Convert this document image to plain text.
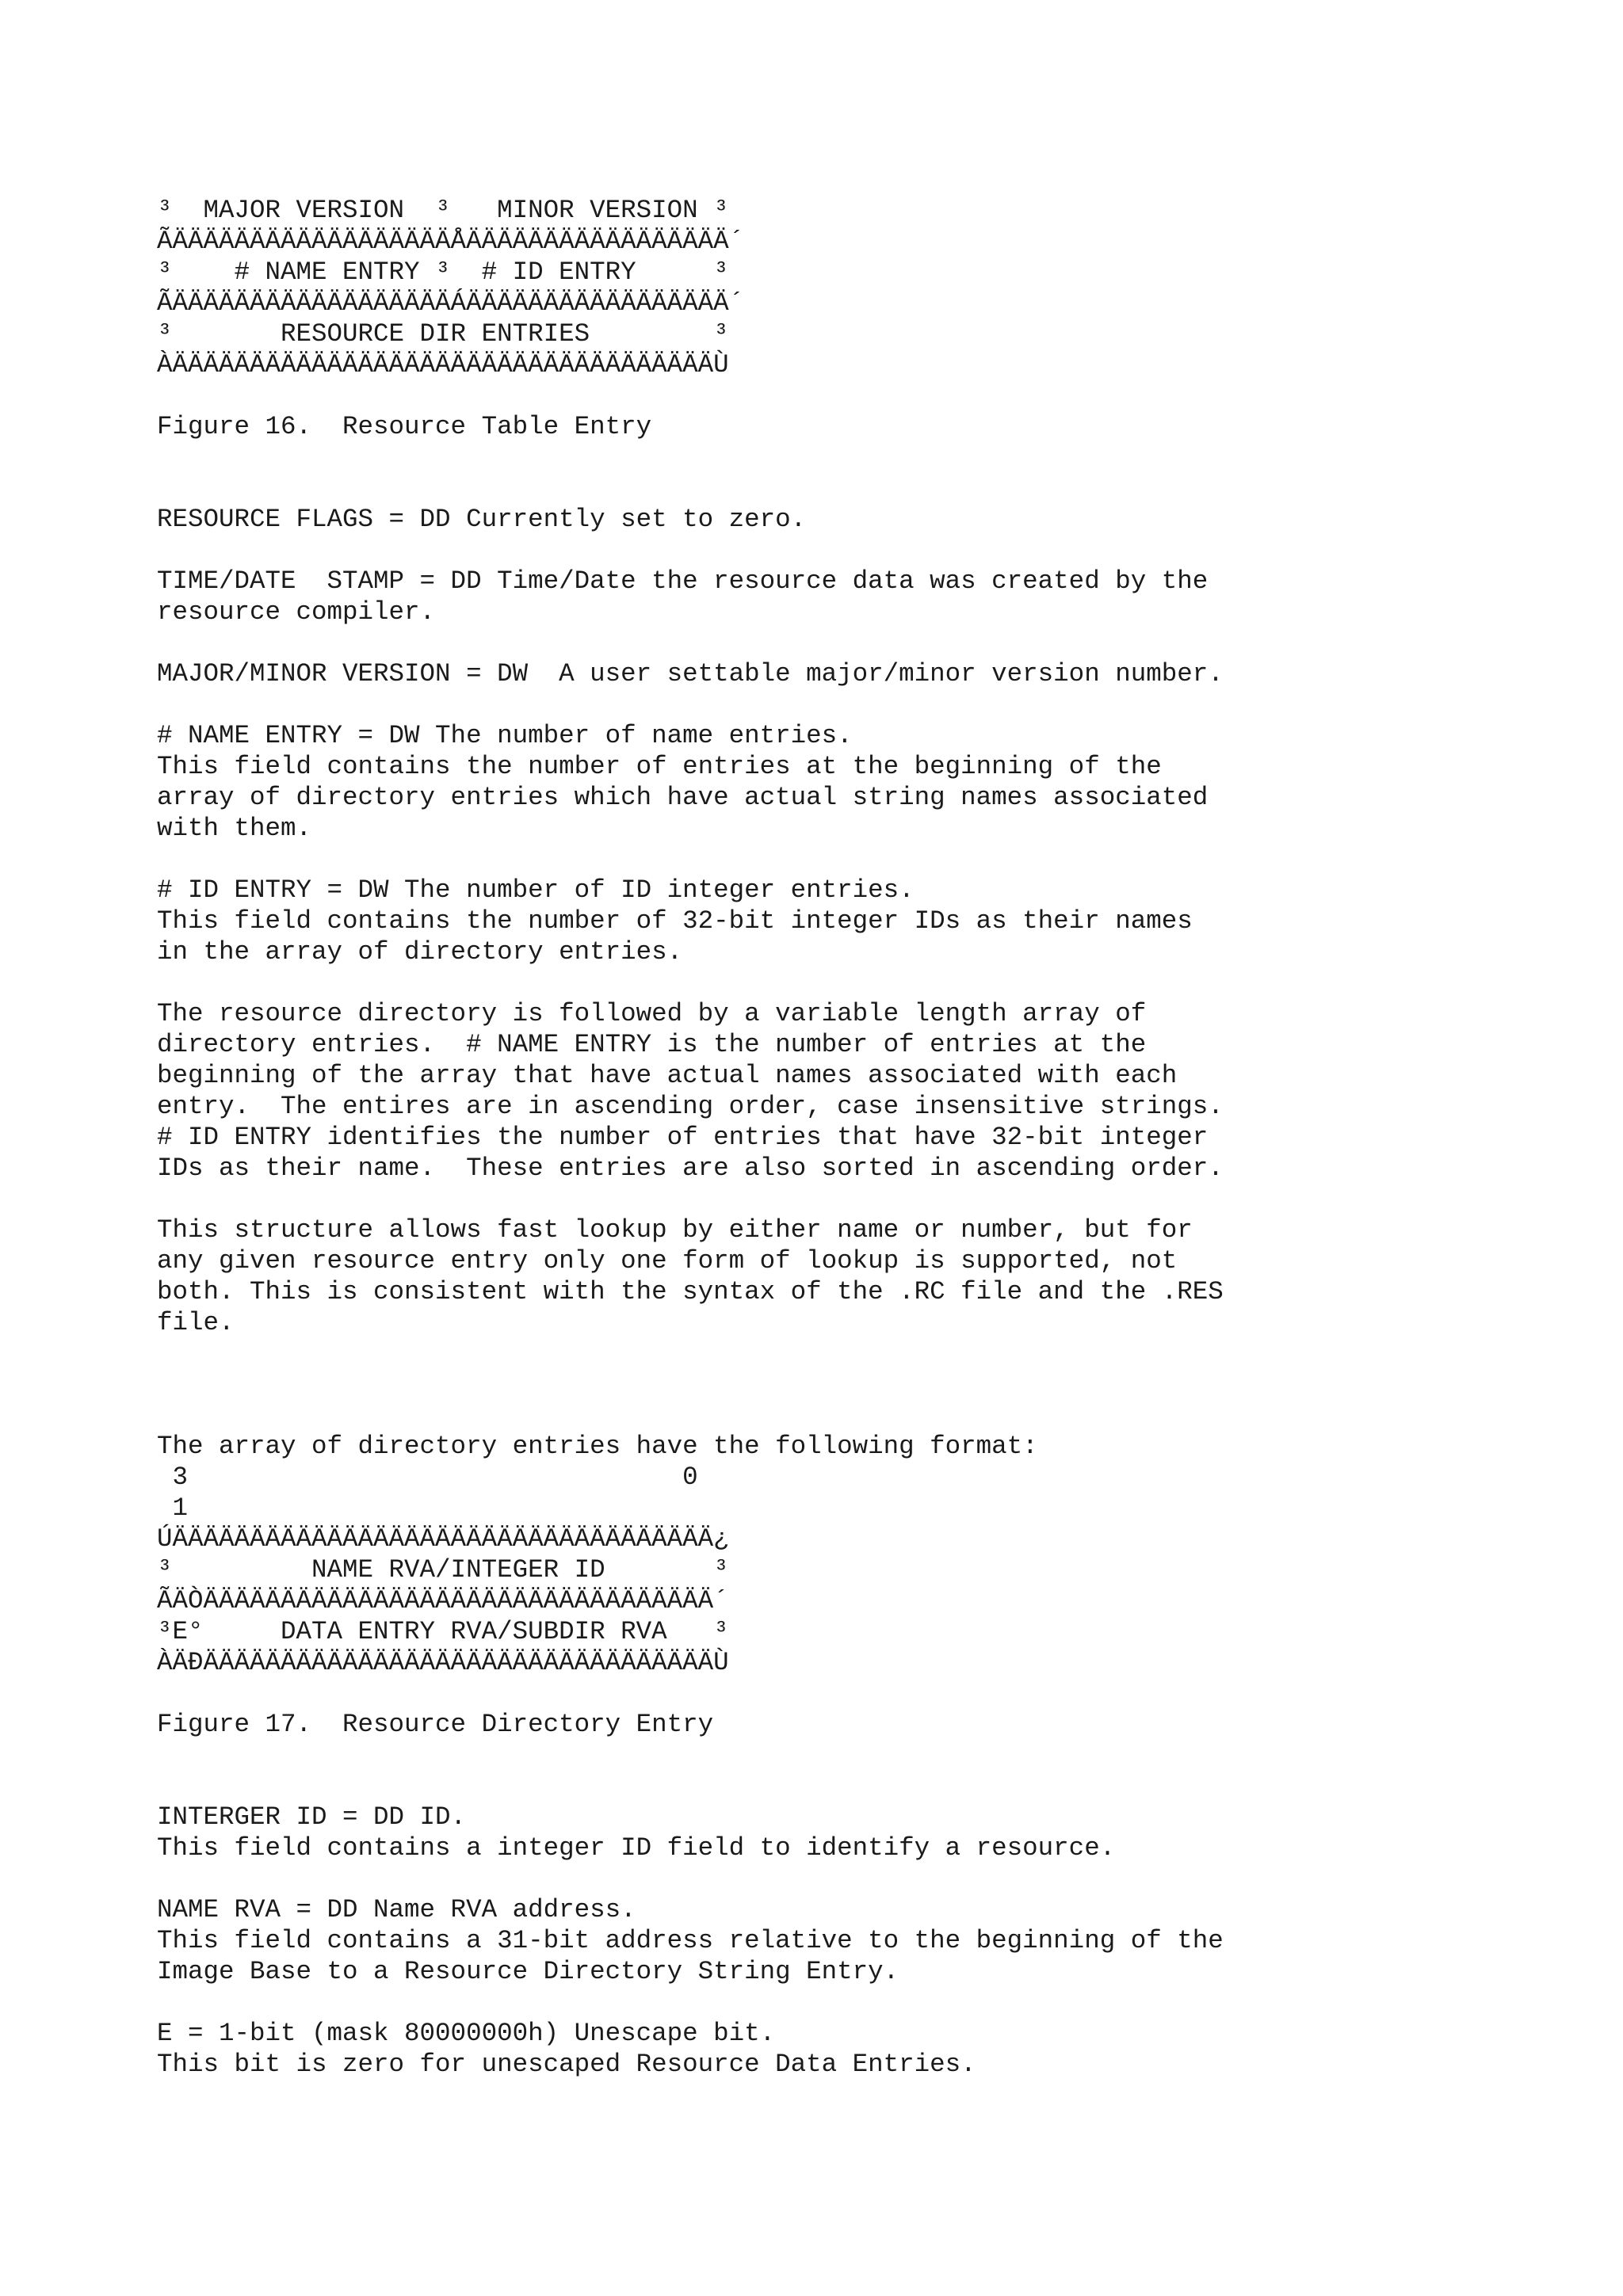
³  MAJOR VERSION  ³   MINOR VERSION ³
ÃÄÄÄÄÄÄÄÄÄÄÄÄÄÄÄÄÄÄÅÄÄÄÄÄÄÄÄÄÄÄÄÄÄÄÄÄ´
³    # NAME ENTRY ³  # ID ENTRY     ³
ÃÄÄÄÄÄÄÄÄÄÄÄÄÄÄÄÄÄÄÁÄÄÄÄÄÄÄÄÄÄÄÄÄÄÄÄÄ´
³       RESOURCE DIR ENTRIES        ³
ÀÄÄÄÄÄÄÄÄÄÄÄÄÄÄÄÄÄÄÄÄÄÄÄÄÄÄÄÄÄÄÄÄÄÄÄÙ
Figure 16.  Resource Table Entry
RESOURCE FLAGS = DD Currently set to zero.
TIME/DATE  STAMP = DD Time/Date the resource data was created by the
resource compiler.
MAJOR/MINOR VERSION = DW  A user settable major/minor version number.
# NAME ENTRY = DW The number of name entries.
This field contains the number of entries at the beginning of the
array of directory entries which have actual string names associated
with them.
# ID ENTRY = DW The number of ID integer entries.
This field contains the number of 32-bit integer IDs as their names
in the array of directory entries.
The resource directory is followed by a variable length array of
directory entries.  # NAME ENTRY is the number of entries at the
beginning of the array that have actual names associated with each
entry.  The entires are in ascending order, case insensitive strings.
# ID ENTRY identifies the number of entries that have 32-bit integer
IDs as their name.  These entries are also sorted in ascending order.
This structure allows fast lookup by either name or number, but for
any given resource entry only one form of lookup is supported, not
both. This is consistent with the syntax of the .RC file and the .RES
file.
The array of directory entries have the following format:
3                                0
1
ÚÄÄÄÄÄÄÄÄÄÄÄÄÄÄÄÄÄÄÄÄÄÄÄÄÄÄÄÄÄÄÄÄÄÄÄ¿
³         NAME RVA/INTEGER ID       ³
ÃÄÒÄÄÄÄÄÄÄÄÄÄÄÄÄÄÄÄÄÄÄÄÄÄÄÄÄÄÄÄÄÄÄÄÄ´
³E°     DATA ENTRY RVA/SUBDIR RVA   ³
ÀÄÐÄÄÄÄÄÄÄÄÄÄÄÄÄÄÄÄÄÄÄÄÄÄÄÄÄÄÄÄÄÄÄÄÄÙ
Figure 17.  Resource Directory Entry
INTERGER ID = DD ID.
This field contains a integer ID field to identify a resource.
NAME RVA = DD Name RVA address.
This field contains a 31-bit address relative to the beginning of the
Image Base to a Resource Directory String Entry.
E = 1-bit (mask 80000000h) Unescape bit.
This bit is zero for unescaped Resource Data Entries.
